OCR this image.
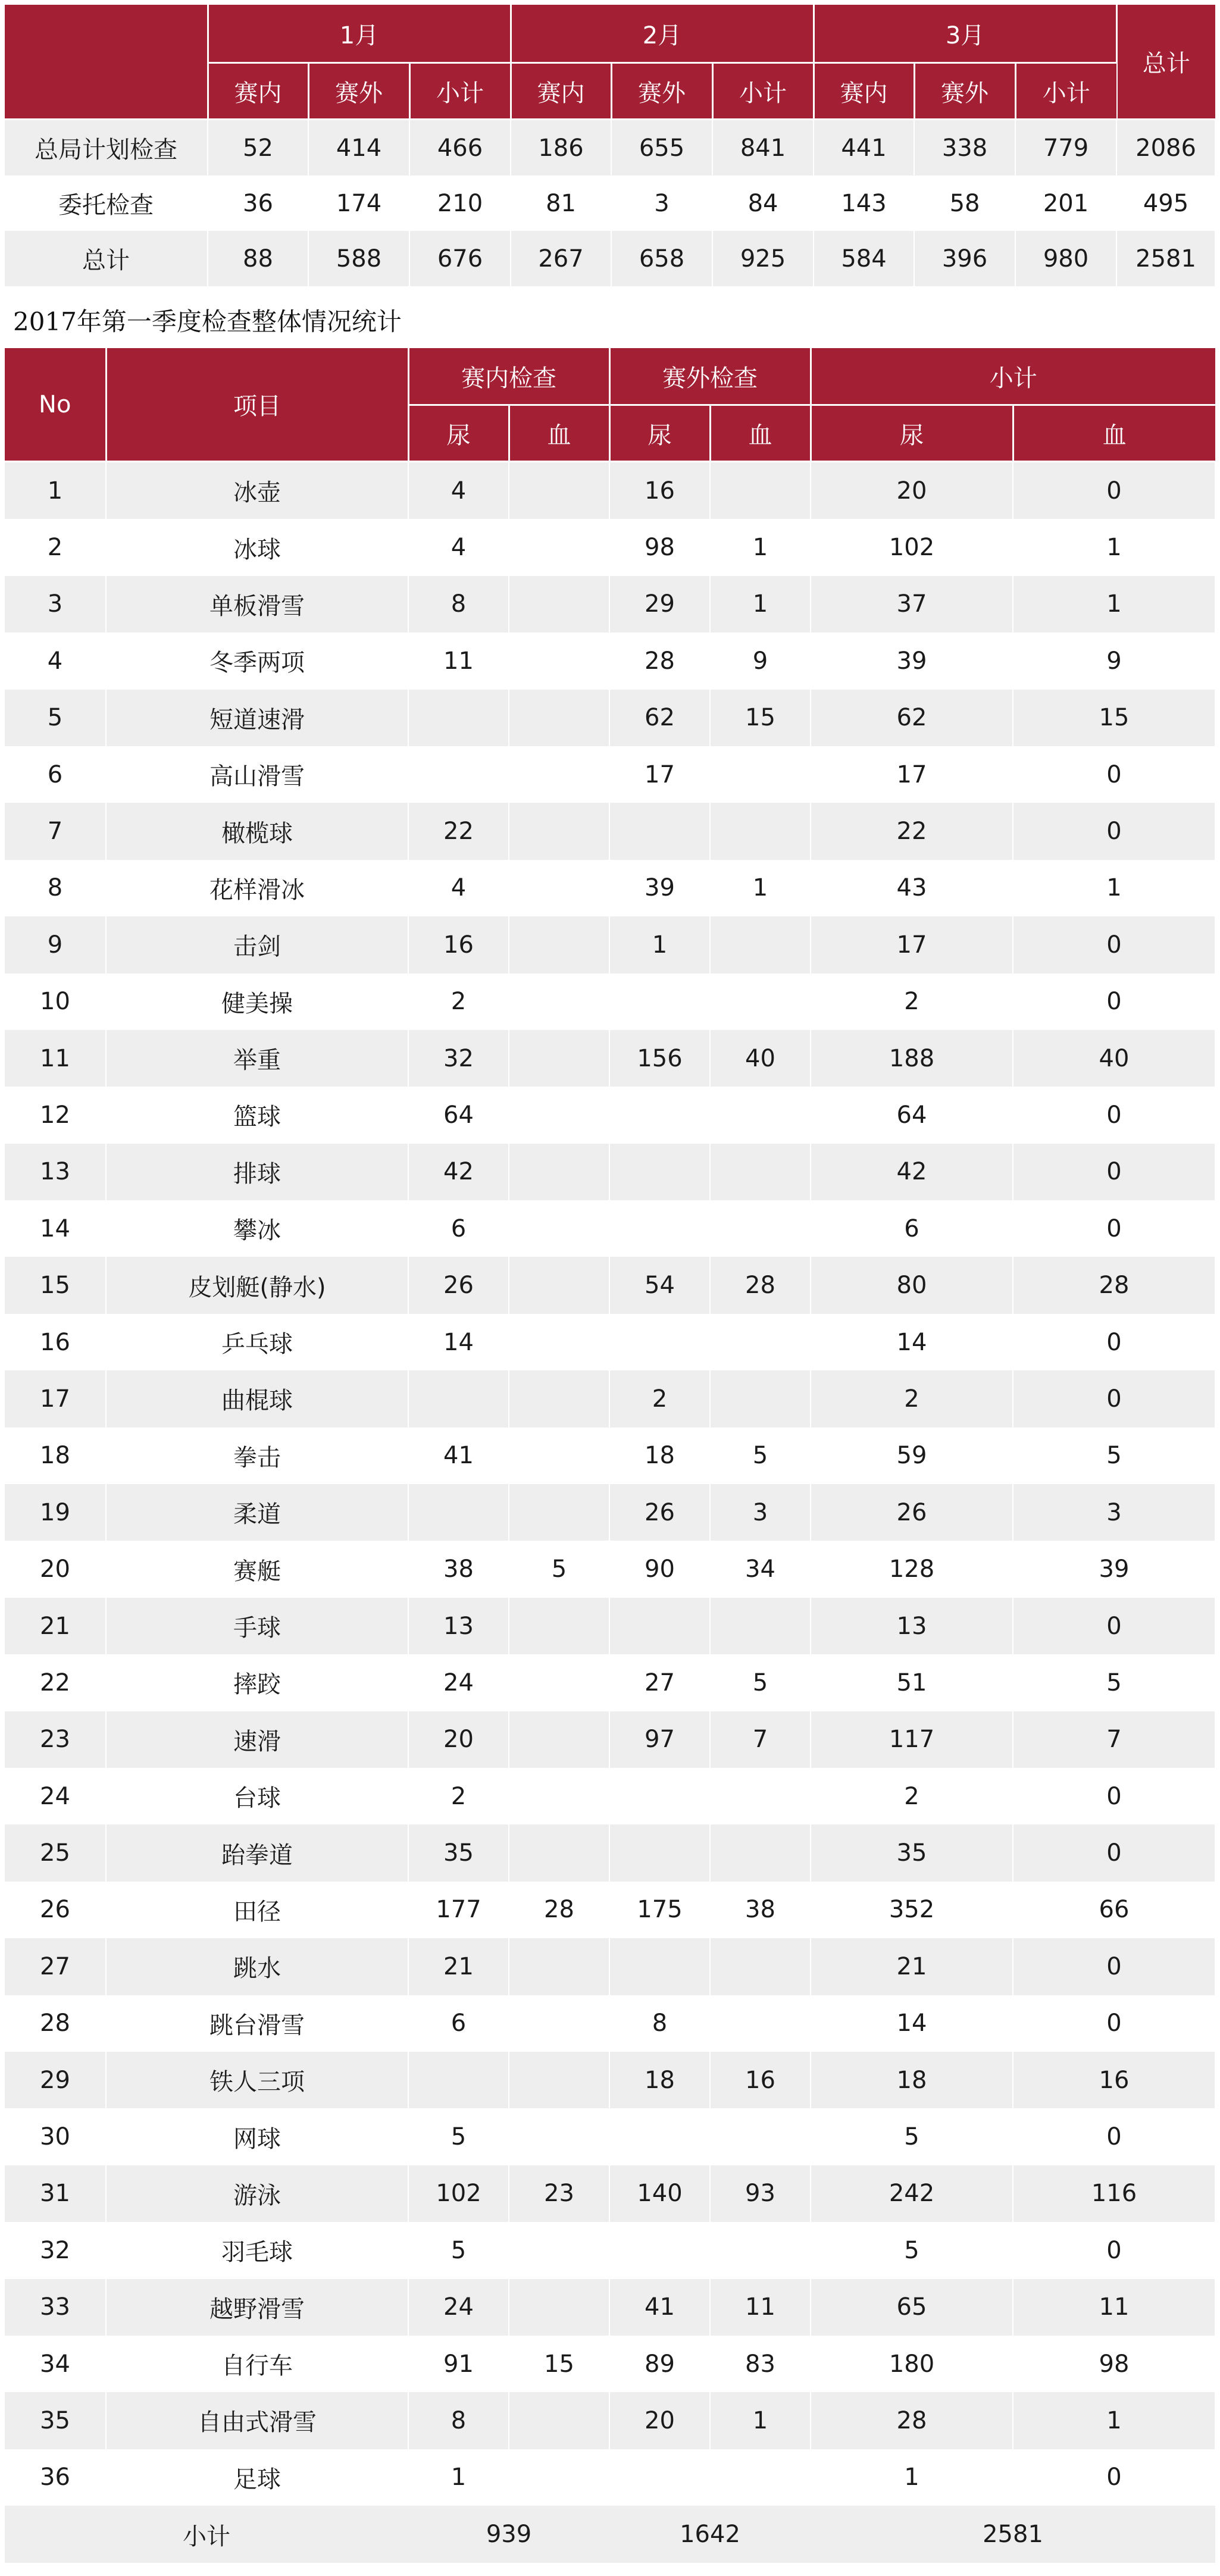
	1月			2月			3月			总计
	赛内	赛外	小计	赛内	赛外	小计	赛内	赛外	小计	
总局计划检查	52	414	466	186	655	841	441	338	779	2086
委托检查	36	174	210	81	3	84	143	58	201	495
总计	88	588	676	267	658	925	584	396	980	2581
2017年第一季度检查整体情况统计
No	项目	赛内检查		赛外检查		小计	
		尿	血	尿	血	尿	血
1	冰壶	4		16		20	0
2	冰球	4		98	1	102	1
3	单板滑雪	8		29	1	37	1
4	冬季两项	11		28	9	39	9
5	短道速滑			62	15	62	15
6	高山滑雪			17		17	0
7	橄榄球	22				22	0
8	花样滑冰	4		39	1	43	1
9	击剑	16		1		17	0
10	健美操	2				2	0
11	举重	32		156	40	188	40
12	篮球	64				64	0
13	排球	42				42	0
14	攀冰	6				6	0
15	皮划艇(静水)	26		54	28	80	28
16	乒乓球	14				14	0
17	曲棍球			2		2	0
18	拳击	41		18	5	59	5
19	柔道			26	3	26	3
20	赛艇	38	5	90	34	128	39
21	手球	13				13	0
22	摔跤	24		27	5	51	5
23	速滑	20		97	7	117	7
24	台球	2				2	0
25	跆拳道	35				35	0
26	田径	177	28	175	38	352	66
27	跳水	21				21	0
28	跳台滑雪	6		8		14	0
29	铁人三项			18	16	18	16
30	网球	5				5	0
31	游泳	102	23	140	93	242	116
32	羽毛球	5				5	0
33	越野滑雪	24		41	11	65	11
34	自行车	91	15	89	83	180	98
35	自由式滑雪	8		20	1	28	1
36	足球	1				1	0
小计		939		1642		2581	
